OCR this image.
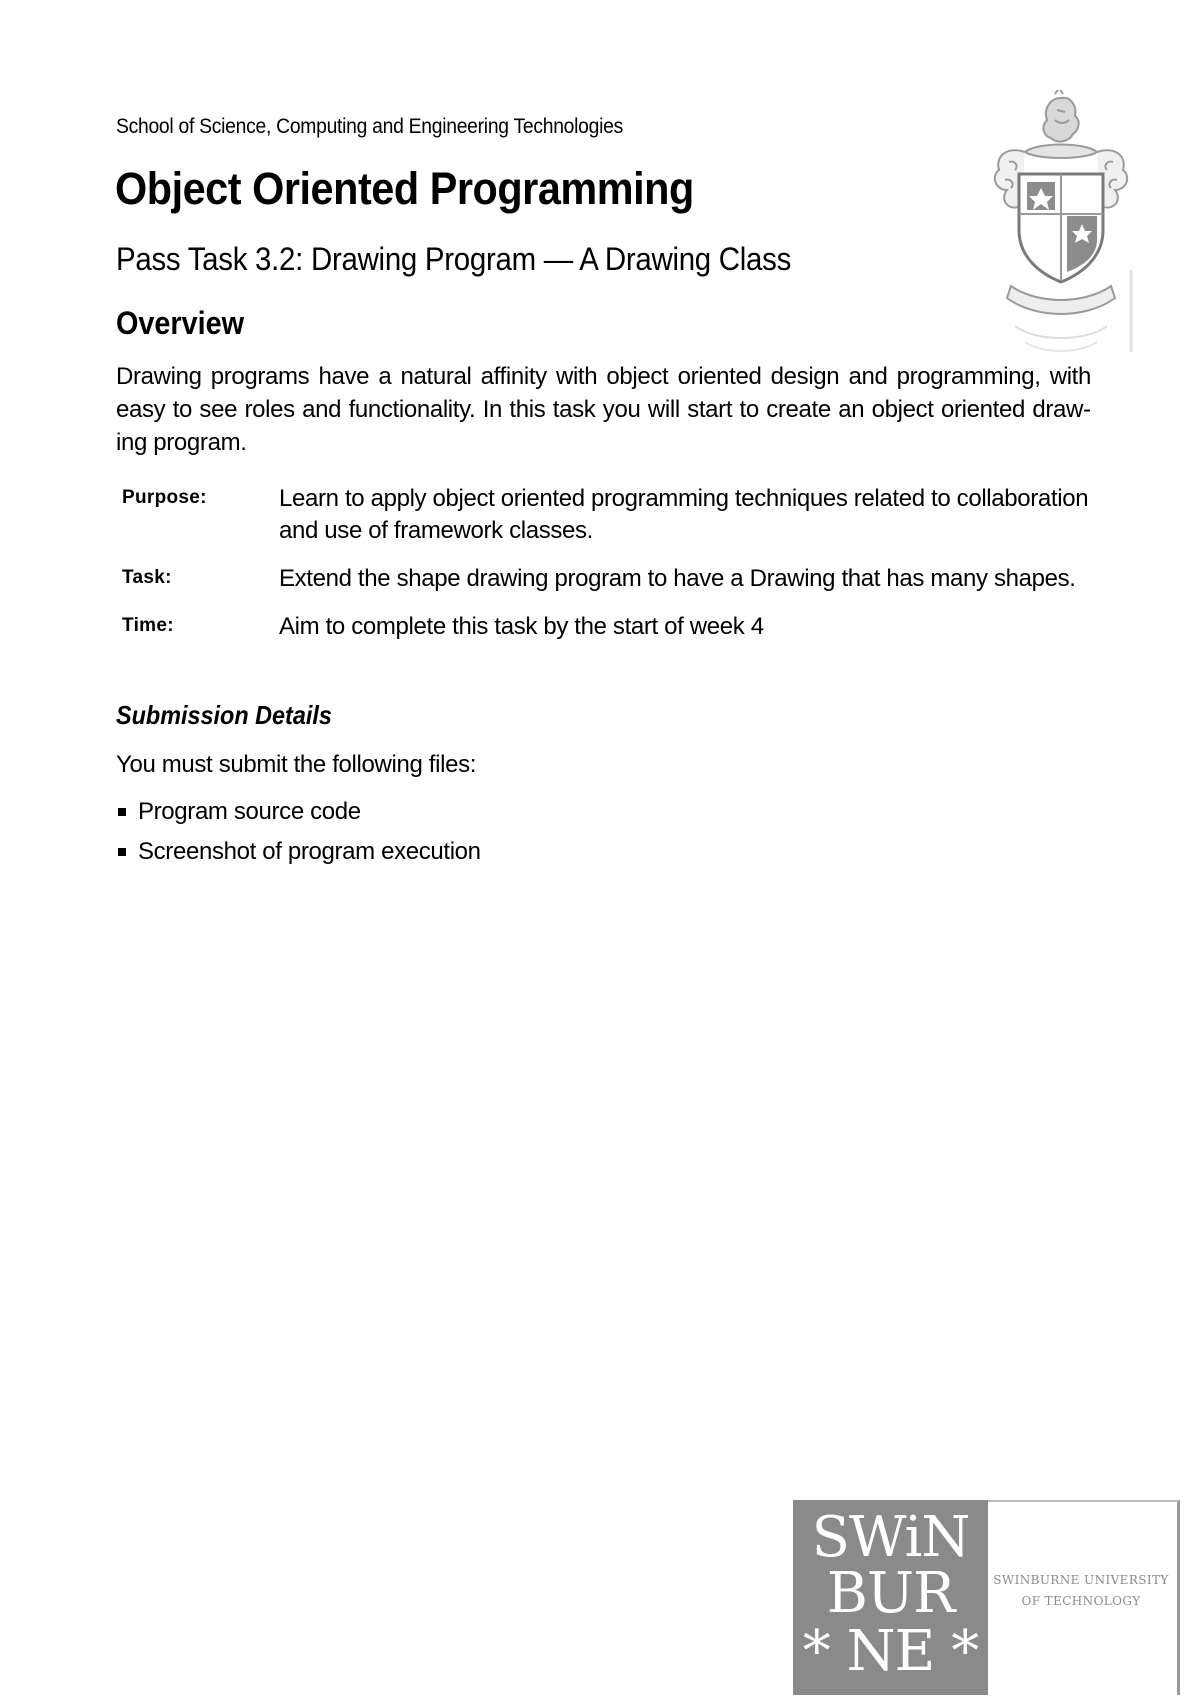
School of Science, Computing and Engineering Technologies
Object Oriented Programming
Pass Task 3.2: Drawing Program — A Drawing Class
Overview
Drawing programs have a natural affinity with object oriented design and programming, with easy to see roles and functionality. In this task you will start to create an object oriented drawing program.
Purpose:	Learn to apply object oriented programming techniques related to collaboration and use of framework classes.
Task:	Extend the shape drawing program to have a Drawing that has many shapes.
Time:	Aim to complete this task by the start of week 4
Submission Details
You must submit the following files:
Program source code
Screenshot of program execution
SWiN
BUR
* NE *
SWINBURNE UNIVERSITY
OF TECHNOLOGY
